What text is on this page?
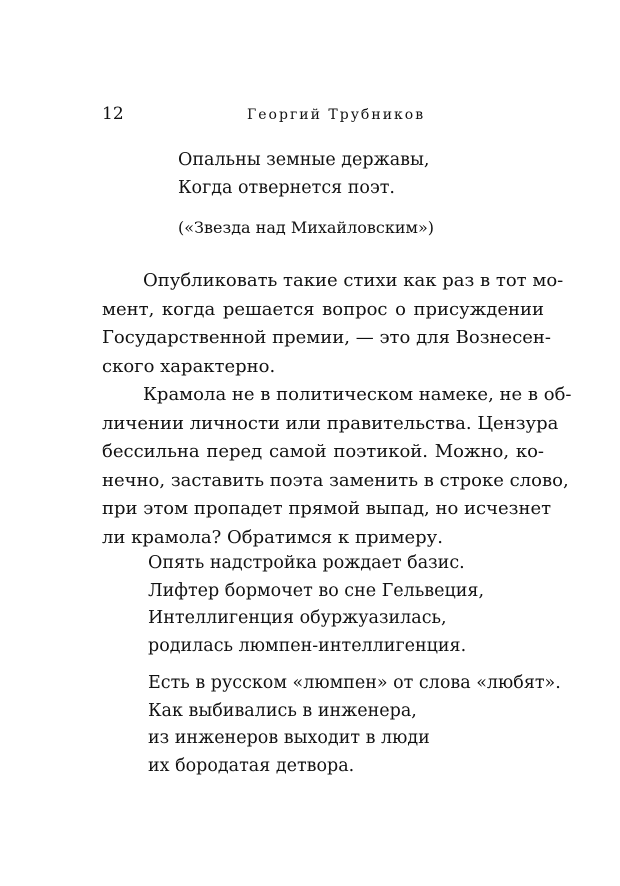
12	Георгий Трубников
Опальны земные державы,
Когда отвернется поэт.
(«Звезда над Михайловским»)
Опубликовать такие стихи как раз в тот мо-
мент, когда решается вопрос о присуждении
Государственной премии, — это для Вознесен-
ского характерно.
Крамола не в политическом намеке, не в об-
личении личности или правительства. Цензура
бессильна перед самой поэтикой. Можно, ко-
нечно, заставить поэта заменить в строке слово,
при этом пропадет прямой выпад, но исчезнет
ли крамола? Обратимся к примеру.
Опять надстройка рождает базис.
Лифтер бормочет во сне Гельвеция,
Интеллигенция обуржуазилась,
родилась люмпен-интеллигенция.
Есть в русском «люмпен» от слова «любят».
Как выбивались в инженера,
из инженеров выходит в люди
их бородатая детвора.
